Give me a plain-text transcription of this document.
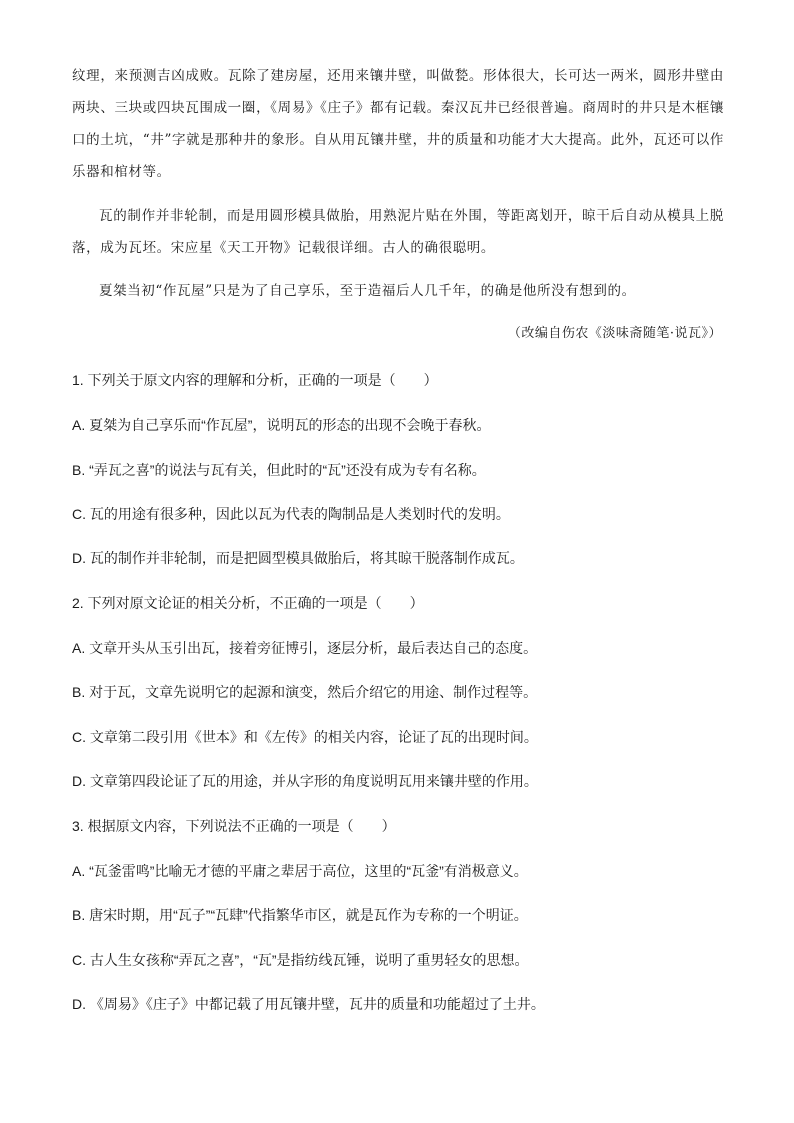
纹理，来预测吉凶成败。瓦除了建房屋，还用来镶井壁，叫做甃。形体很大，长可达一两米，圆形井壁由两块、三块或四块瓦围成一圈，《周易》《庄子》都有记载。秦汉瓦井已经很普遍。商周时的井只是木框镶口的土坑，“井”字就是那种井的象形。自从用瓦镶井壁，井的质量和功能才大大提高。此外，瓦还可以作乐器和棺材等。
瓦的制作并非轮制，而是用圆形模具做胎，用熟泥片贴在外围，等距离划开，晾干后自动从模具上脱落，成为瓦坯。宋应星《天工开物》记载很详细。古人的确很聪明。
夏桀当初“作瓦屋”只是为了自己享乐，至于造福后人几千年，的确是他所没有想到的。
（改编自伤农《淡味斋随笔·说瓦》）
1. 下列关于原文内容的理解和分析，正确的一项是（　　）
A. 夏桀为自己享乐而“作瓦屋”，说明瓦的形态的出现不会晚于春秋。
B. “弄瓦之喜”的说法与瓦有关，但此时的“瓦”还没有成为专有名称。
C. 瓦的用途有很多种，因此以瓦为代表的陶制品是人类划时代的发明。
D. 瓦的制作并非轮制，而是把圆型模具做胎后，将其晾干脱落制作成瓦。
2. 下列对原文论证的相关分析，不正确的一项是（　　）
A. 文章开头从玉引出瓦，接着旁征博引，逐层分析，最后表达自己的态度。
B. 对于瓦，文章先说明它的起源和演变，然后介绍它的用途、制作过程等。
C. 文章第二段引用《世本》和《左传》的相关内容，论证了瓦的出现时间。
D. 文章第四段论证了瓦的用途，并从字形的角度说明瓦用来镶井壁的作用。
3. 根据原文内容，下列说法不正确的一项是（　　）
A. “瓦釜雷鸣”比喻无才德的平庸之辈居于高位，这里的“瓦釜”有消极意义。
B. 唐宋时期，用“瓦子”“瓦肆”代指繁华市区，就是瓦作为专称的一个明证。
C. 古人生女孩称“弄瓦之喜”，“瓦”是指纺线瓦锤，说明了重男轻女的思想。
D. 《周易》《庄子》中都记载了用瓦镶井壁，瓦井的质量和功能超过了土井。
